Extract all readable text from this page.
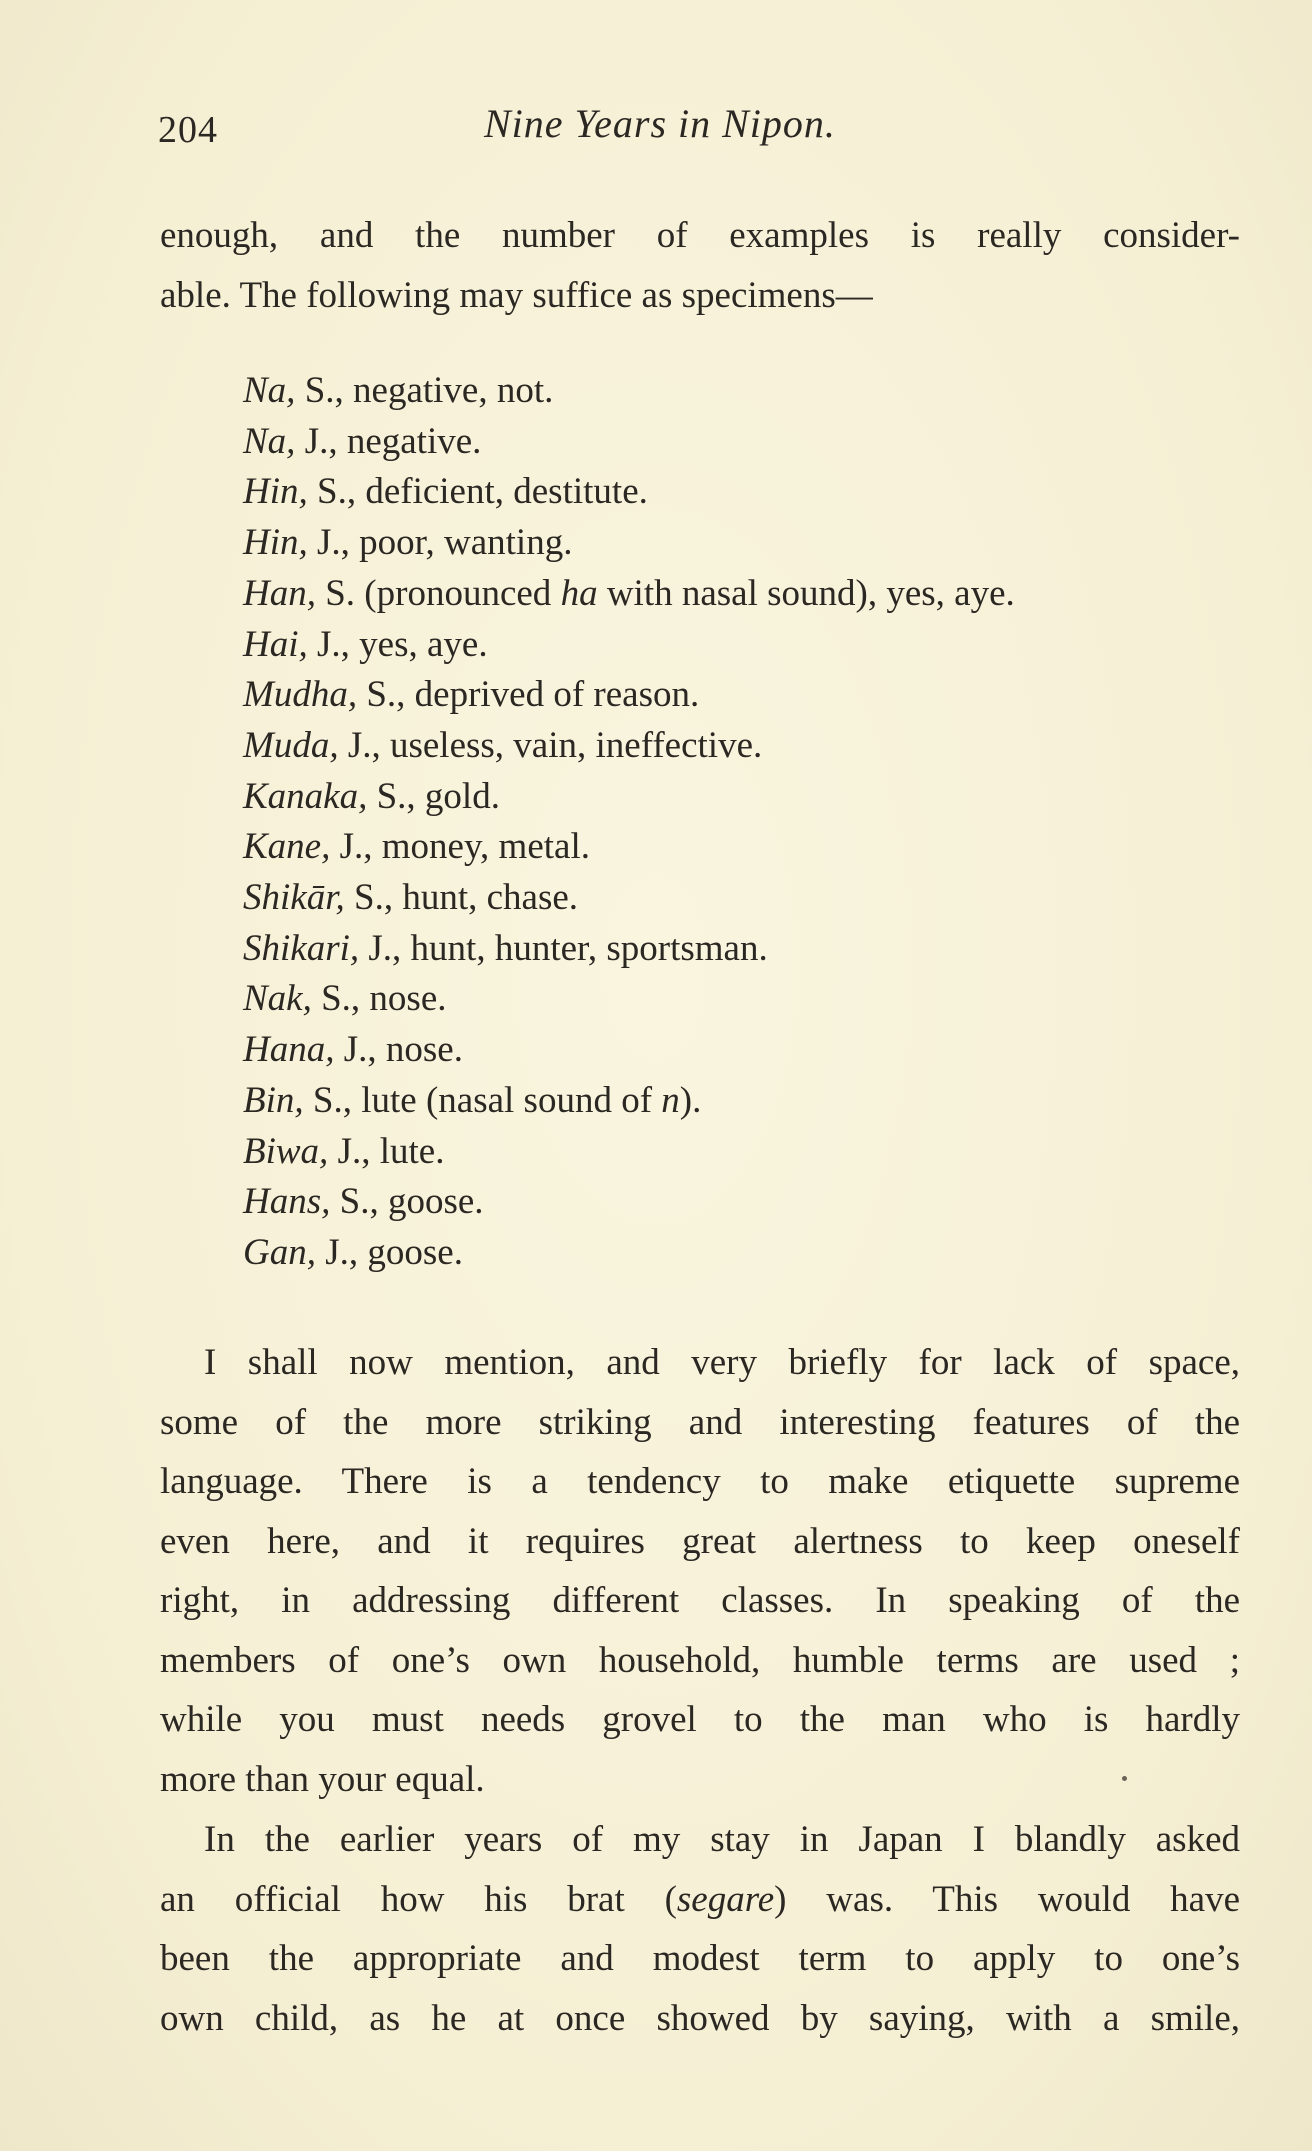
204	Nine Years in Nipon.
enough, and the number of examples is really consider-
able. The following may suffice as specimens—
Na, S., negative, not.
Na, J., negative.
Hin, S., deficient, destitute.
Hin, J., poor, wanting.
Han, S. (pronounced ha with nasal sound), yes, aye.
Hai, J., yes, aye.
Mudha, S., deprived of reason.
Muda, J., useless, vain, ineffective.
Kanaka, S., gold.
Kane, J., money, metal.
Shikār, S., hunt, chase.
Shikari, J., hunt, hunter, sportsman.
Nak, S., nose.
Hana, J., nose.
Bin, S., lute (nasal sound of n).
Biwa, J., lute.
Hans, S., goose.
Gan, J., goose.
I shall now mention, and very briefly for lack of space,
some of the more striking and interesting features of the
language. There is a tendency to make etiquette supreme
even here, and it requires great alertness to keep oneself
right, in addressing different classes. In speaking of the
members of one’s own household, humble terms are used ;
while you must needs grovel to the man who is hardly
more than your equal.
In the earlier years of my stay in Japan I blandly asked
an official how his brat (segare) was. This would have
been the appropriate and modest term to apply to one’s
own child, as he at once showed by saying, with a smile,
